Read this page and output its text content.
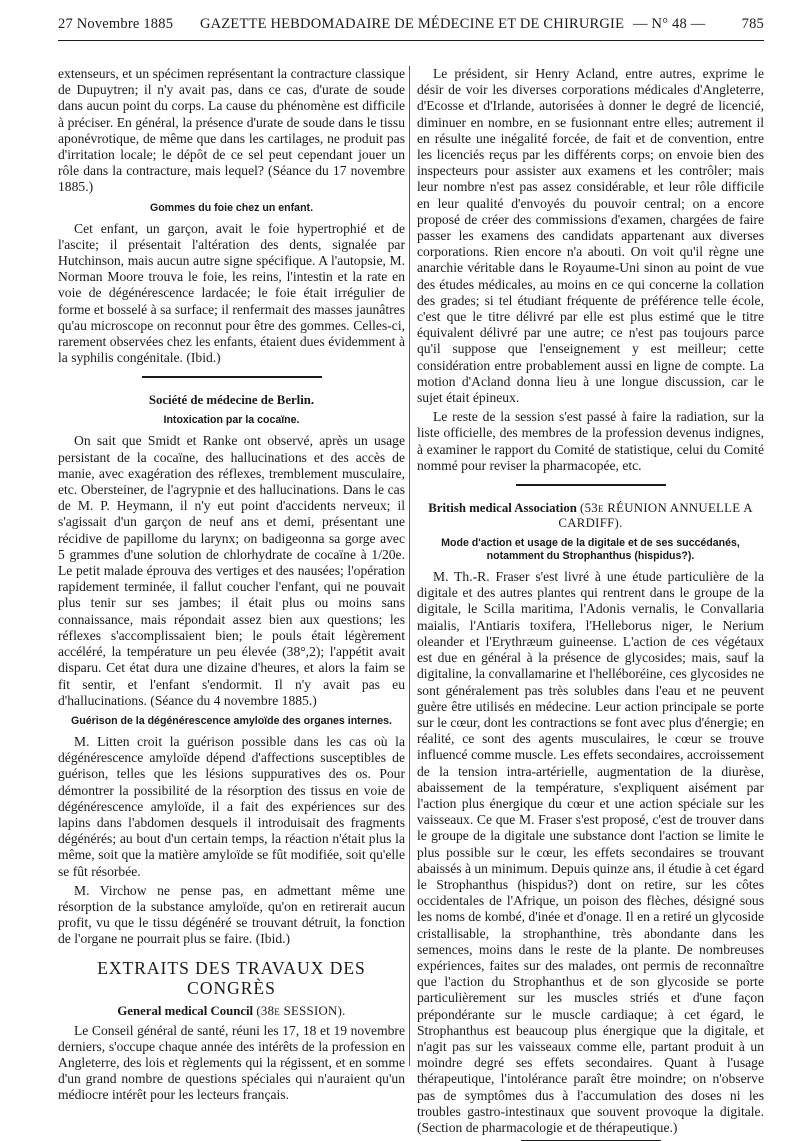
27 Novembre 1885 GAZETTE HEBDOMADAIRE DE MÉDECINE ET DE CHIRURGIE — N° 48 — 785

extenseurs, et un spécimen représentant la contracture classique de Dupuytren; il n'y avait pas, dans ce cas, d'urate de soude dans aucun point du corps. La cause du phénomène est difficile à préciser. En général, la présence d'urate de soude dans le tissu aponévrotique, de même que dans les cartilages, ne produit pas d'irritation locale; le dépôt de ce sel peut cependant jouer un rôle dans la contracture, mais lequel? (Séance du 17 novembre 1885.)

Gommes du foie chez un enfant.

Cet enfant, un garçon, avait le foie hypertrophié et de l'ascite; il présentait l'altération des dents, signalée par Hutchinson, mais aucun autre signe spécifique. A l'autopsie, M. Norman Moore trouva le foie, les reins, l'intestin et la rate en voie de dégénérescence lardacée; le foie était irrégulier de forme et bosselé à sa surface; il renfermait des masses jaunâtres qu'au microscope on reconnut pour être des gommes. Celles-ci, rarement observées chez les enfants, étaient dues évidemment à la syphilis congénitale. (Ibid.)

Société de médecine de Berlin.
Intoxication par la cocaïne.

On sait que Smidt et Ranke ont observé, après un usage persistant de la cocaïne, des hallucinations et des accès de manie, avec exagération des réflexes, tremblement musculaire, etc. Obersteiner, de l'agrypnie et des hallucinations. Dans le cas de M. P. Heymann, il n'y eut point d'accidents nerveux; il s'agissait d'un garçon de neuf ans et demi, présentant une récidive de papillome du larynx; on badigeonna sa gorge avec 5 grammes d'une solution de chlorhydrate de cocaïne à 1/20e. Le petit malade éprouva des vertiges et des nausées; l'opération rapidement terminée, il fallut coucher l'enfant, qui ne pouvait plus tenir sur ses jambes; il était plus ou moins sans connaissance, mais répondait assez bien aux questions; les réflexes s'accomplissaient bien; le pouls était légèrement accéléré, la température un peu élevée (38°,2); l'appétit avait disparu. Cet état dura une dizaine d'heures, et alors la faim se fit sentir, et l'enfant s'endormit. Il n'y avait pas eu d'hallucinations. (Séance du 4 novembre 1885.)

Guérison de la dégénérescence amyloïde des organes internes.

M. Litten croit la guérison possible dans les cas où la dégénérescence amyloïde dépend d'affections susceptibles de guérison, telles que les lésions suppuratives des os. Pour démontrer la possibilité de la résorption des tissus en voie de dégénérescence amyloïde, il a fait des expériences sur des lapins dans l'abdomen desquels il introduisait des fragments dégénérés; au bout d'un certain temps, la réaction n'était plus la même, soit que la matière amyloïde se fût modifiée, soit qu'elle se fût résorbée.

M. Virchow ne pense pas, en admettant même une résorption de la substance amyloïde, qu'on en retirerait aucun profit, vu que le tissu dégénéré se trouvant détruit, la fonction de l'organe ne pourrait plus se faire. (Ibid.)

EXTRAITS DES TRAVAUX DES CONGRÈS
General medical Council (38e SESSION).

Le Conseil général de santé, réuni les 17, 18 et 19 novembre derniers, s'occupe chaque année des intérêts de la profession en Angleterre, des lois et règlements qui la régissent, et en somme d'un grand nombre de questions spéciales qui n'auraient qu'un médiocre intérêt pour les lecteurs français.

Le président, sir Henry Acland, entre autres, exprime le désir de voir les diverses corporations médicales d'Angleterre, d'Ecosse et d'Irlande, autorisées à donner le degré de licencié, diminuer en nombre, en se fusionnant entre elles; autrement il en résulte une inégalité forcée, de fait et de convention, entre les licenciés reçus par les différents corps; on envoie bien des inspecteurs pour assister aux examens et les contrôler; mais leur nombre n'est pas assez considérable, et leur rôle difficile en leur qualité d'envoyés du pouvoir central; on a encore proposé de créer des commissions d'examen, chargées de faire passer les examens des candidats appartenant aux diverses corporations. Rien encore n'a abouti. On voit qu'il règne une anarchie véritable dans le Royaume-Uni sinon au point de vue des études médicales, au moins en ce qui concerne la collation des grades; si tel étudiant fréquente de préférence telle école, c'est que le titre délivré par elle est plus estimé que le titre équivalent délivré par une autre; ce n'est pas toujours parce qu'il suppose que l'enseignement y est meilleur; cette considération entre probablement aussi en ligne de compte. La motion d'Acland donna lieu à une longue discussion, car le sujet était épineux.

Le reste de la session s'est passé à faire la radiation, sur la liste officielle, des membres de la profession devenus indignes, à examiner le rapport du Comité de statistique, celui du Comité nommé pour reviser la pharmacopée, etc.

British medical Association (53e RÉUNION ANNUELLE A CARDIFF).
Mode d'action et usage de la digitale et de ses succédanés, notamment du Strophanthus (hispidus?).

M. Th.-R. Fraser s'est livré à une étude particulière de la digitale et des autres plantes qui rentrent dans le groupe de la digitale, le Scilla maritima, l'Adonis vernalis, le Convallaria maialis, l'Antiaris toxifera, l'Helleborus niger, le Nerium oleander et l'Erythræum guineense. L'action de ces végétaux est due en général à la présence de glycosides; mais, sauf la digitaline, la convallamarine et l'helléboréine, ces glycosides ne sont généralement pas très solubles dans l'eau et ne peuvent guère être utilisés en médecine. Leur action principale se porte sur le cœur, dont les contractions se font avec plus d'énergie; en réalité, ce sont des agents musculaires, le cœur se trouve influencé comme muscle. Les effets secondaires, accroissement de la tension intra-artérielle, augmentation de la diurèse, abaissement de la température, s'expliquent aisément par l'action plus énergique du cœur et une action spéciale sur les vaisseaux. Ce que M. Fraser s'est proposé, c'est de trouver dans le groupe de la digitale une substance dont l'action se limite le plus possible sur le cœur, les effets secondaires se trouvant abaissés à un minimum. Depuis quinze ans, il étudie à cet égard le Strophanthus (hispidus?) dont on retire, sur les côtes occidentales de l'Afrique, un poison des flèches, désigné sous les noms de kombé, d'inée et d'onage. Il en a retiré un glycoside cristallisable, la strophanthine, très abondante dans les semences, moins dans le reste de la plante. De nombreuses expériences, faites sur des malades, ont permis de reconnaître que l'action du Strophanthus et de son glycoside se porte particulièrement sur les muscles striés et d'une façon prépondérante sur le muscle cardiaque; à cet égard, le Strophanthus est beaucoup plus énergique que la digitale, et n'agit pas sur les vaisseaux comme elle, partant produit à un moindre degré ses effets secondaires. Quant à l'usage thérapeutique, l'intolérance paraît être moindre; on n'observe pas de symptômes dus à l'accumulation des doses ni les troubles gastro-intestinaux que souvent provoque la digitale. (Section de pharmacologie et de thérapeutique.)
